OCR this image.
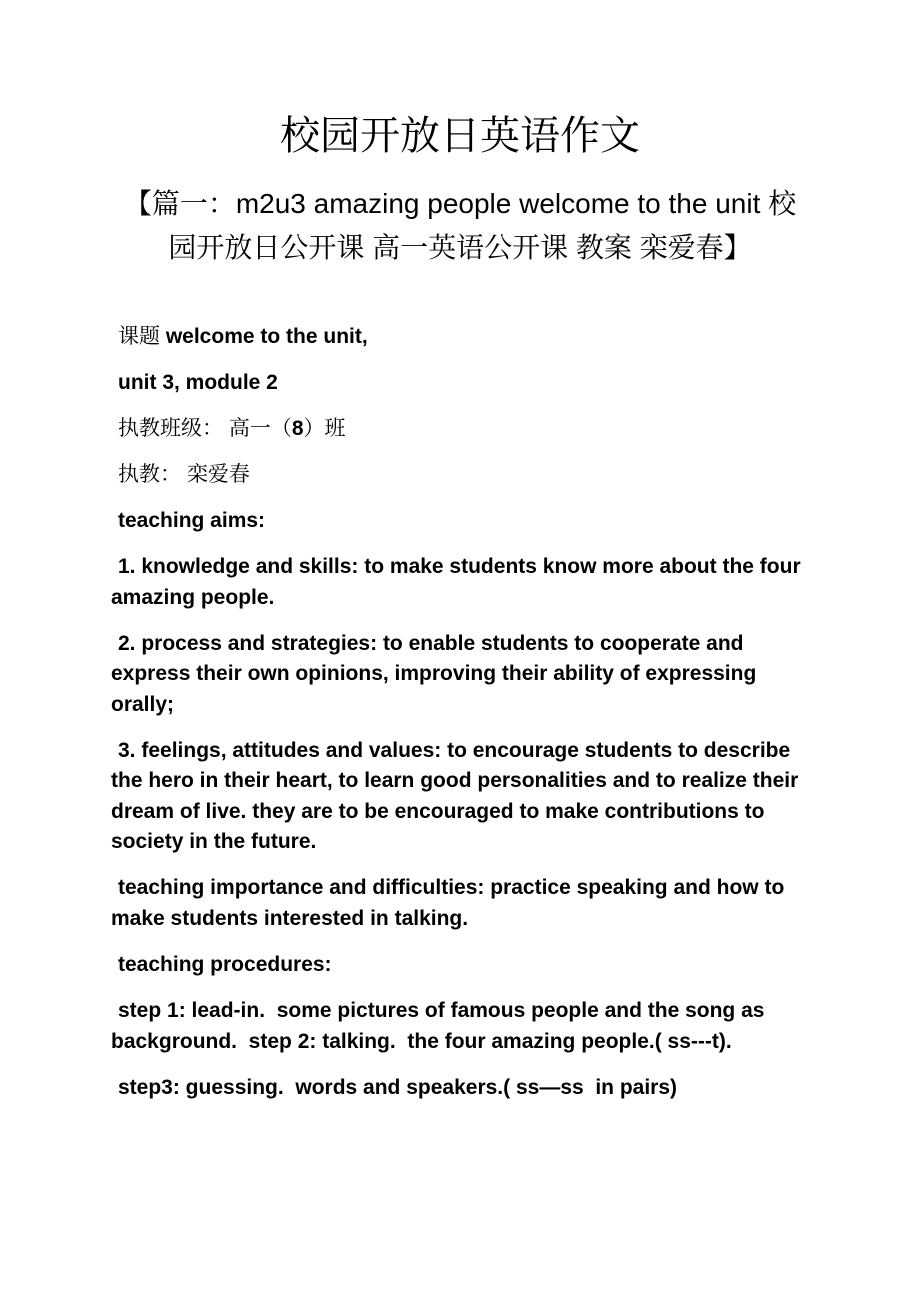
校园开放日英语作文
【篇一：m2u3 amazing people welcome to the unit 校园开放日公开课 高一英语公开课 教案 栾爱春】

课题 welcome to the unit,

unit 3, module 2

执教班级： 高一（8）班

执教： 栾爱春

teaching aims:

1. knowledge and skills: to make students know more about the four amazing people.

2. process and strategies: to enable students to cooperate and express their own opinions, improving their ability of expressing orally;

3. feelings, attitudes and values: to encourage students to describe the hero in their heart, to learn good personalities and to realize their dream of live. they are to be encouraged to make contributions to society in the future.

teaching importance and difficulties: practice speaking and how to make students interested in talking.

teaching procedures:

step 1: lead-in.  some pictures of famous people and the song as background.  step 2: talking.  the four amazing people.( ss---t).

step3: guessing.  words and speakers.( ss—ss  in pairs)
